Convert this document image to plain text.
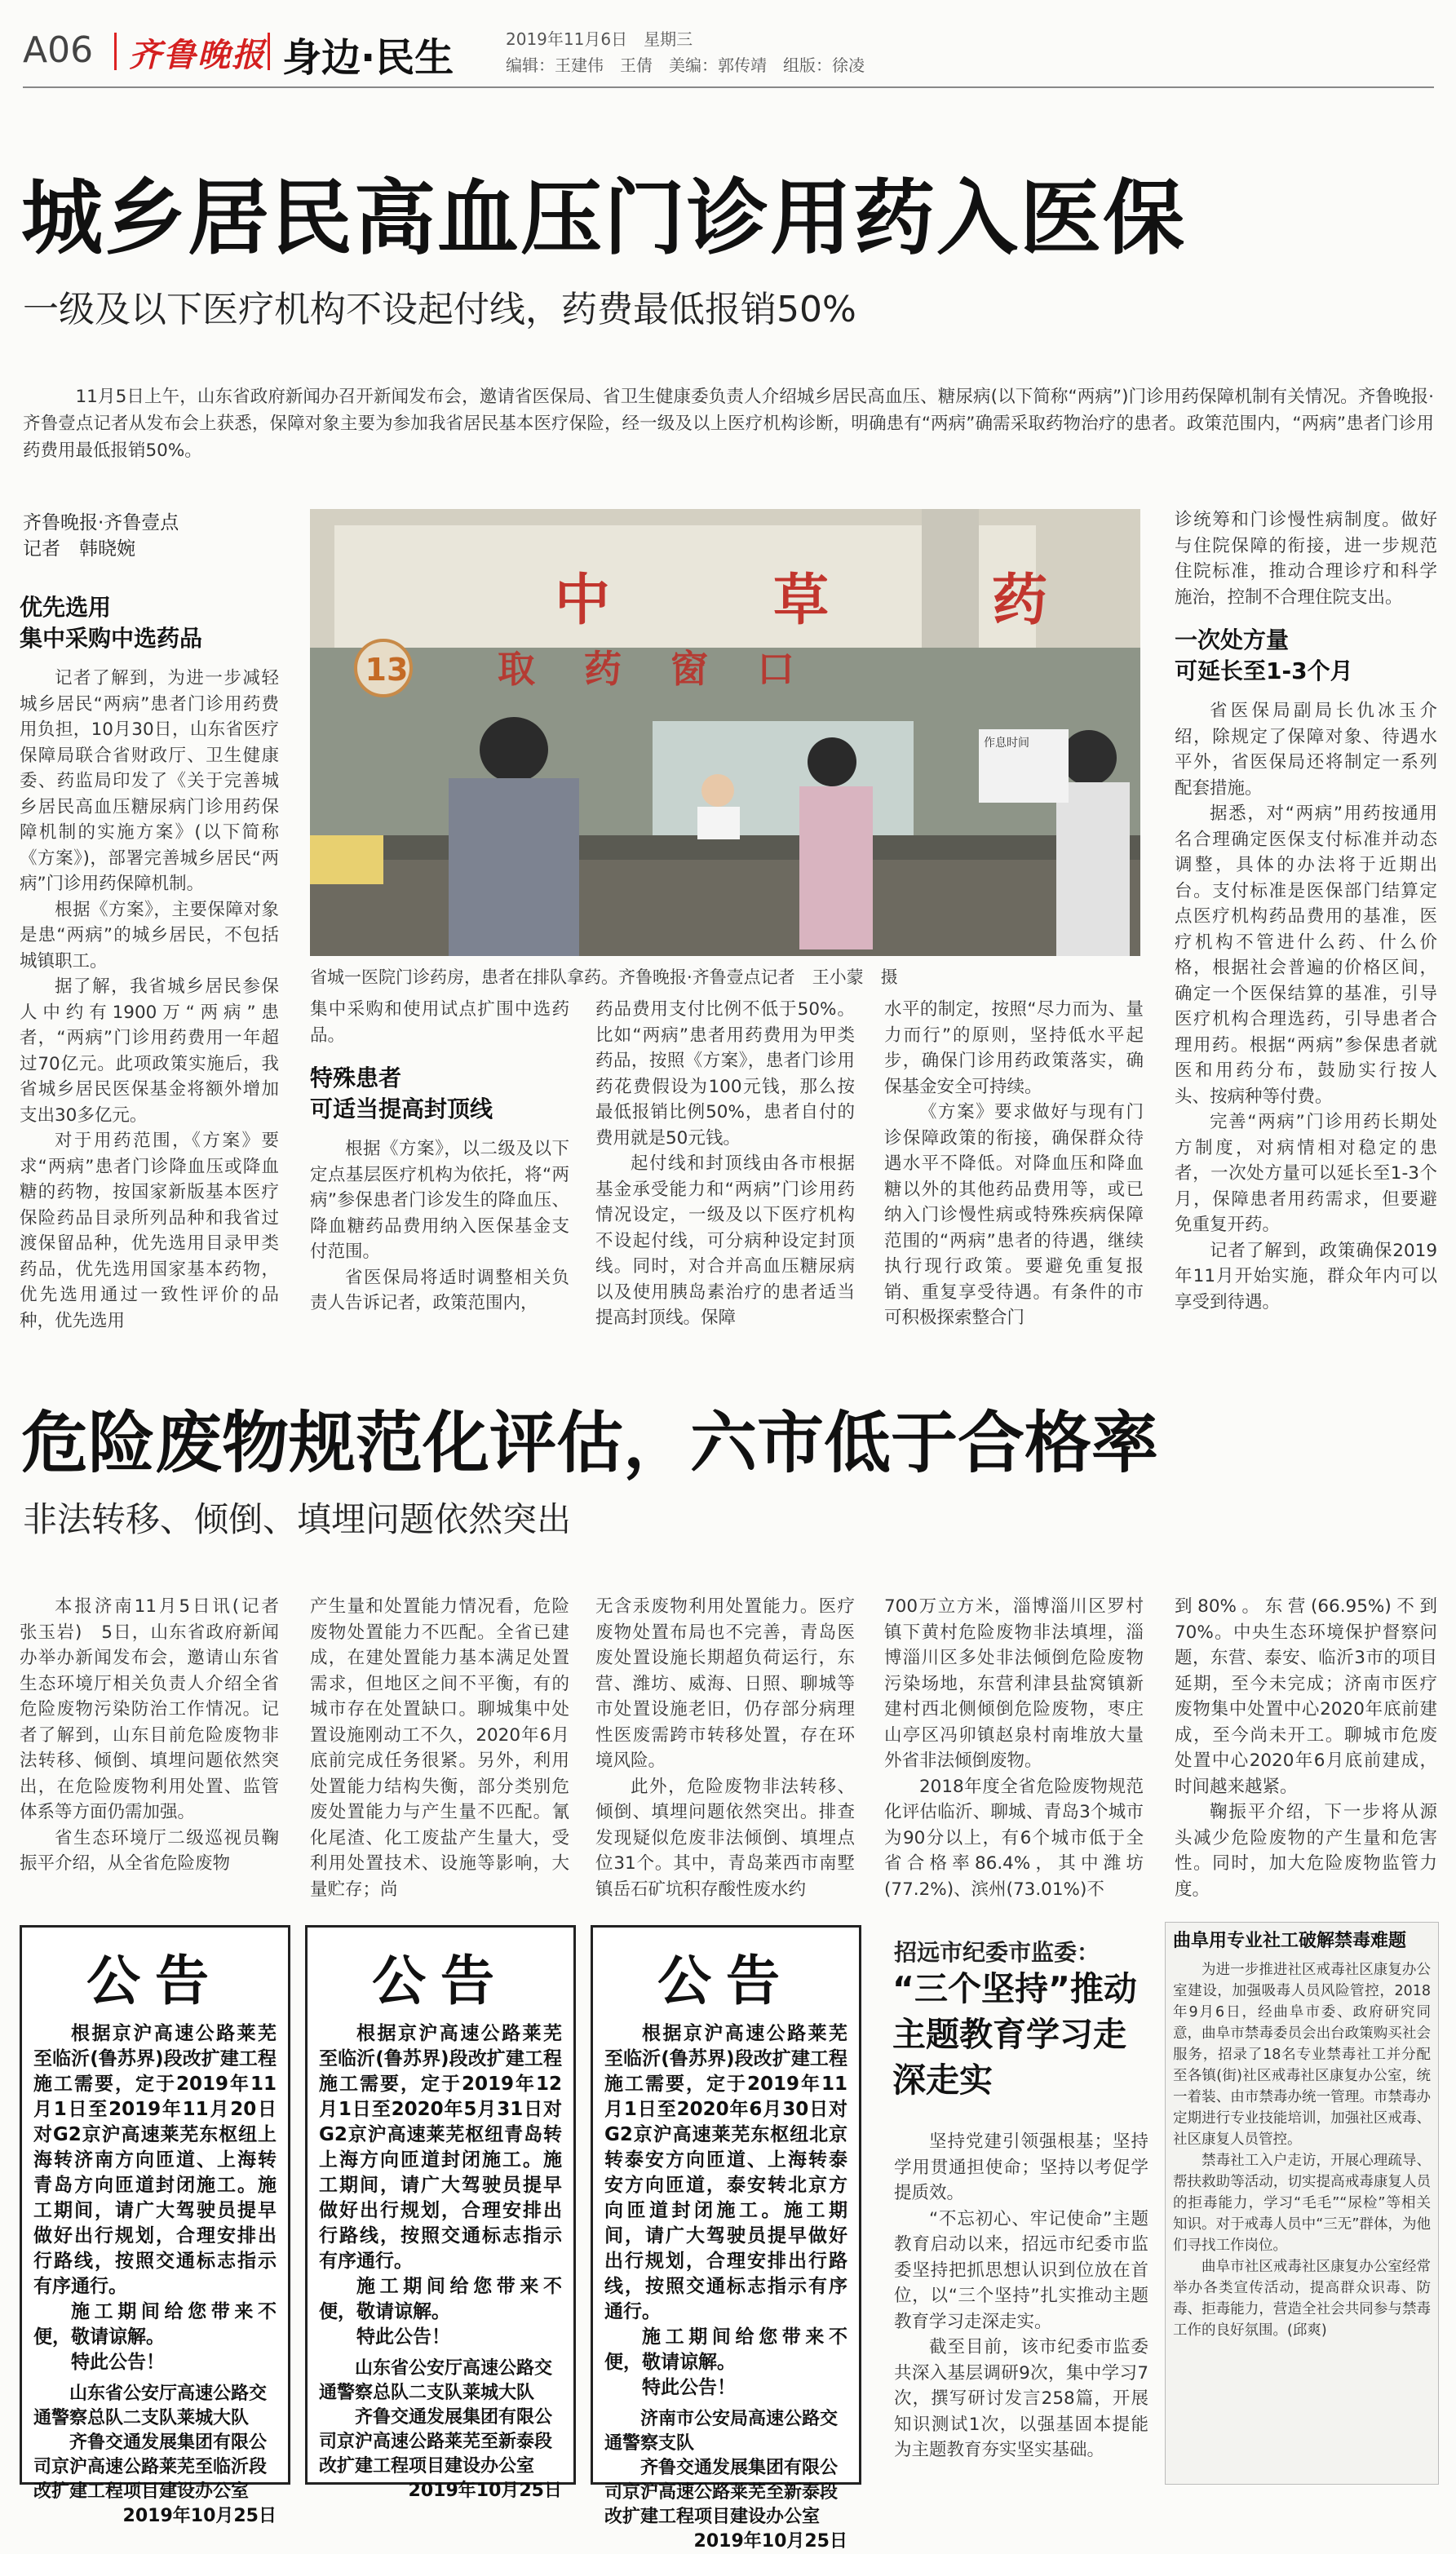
A06 齐鲁晚报 身边·民生	2019年11月6日　星期三
编辑：王建伟　王倩　美编：郭传靖　组版：徐凌
城乡居民高血压门诊用药入医保
一级及以下医疗机构不设起付线，药费最低报销50%
11月5日上午，山东省政府新闻办召开新闻发布会，邀请省医保局、省卫生健康委负责人介绍城乡居民高血压、糖尿病(以下简称“两病”)门诊用药保障机制有关情况。齐鲁晚报·齐鲁壹点记者从发布会上获悉，保障对象主要为参加我省居民基本医疗保险，经一级及以上医疗机构诊断，明确患有“两病”确需采取药物治疗的患者。政策范围内，“两病”患者门诊用药费用最低报销50%。
齐鲁晚报·齐鲁壹点
记者　韩晓婉
13
中草药
取药窗口
作息时间
省城一医院门诊药房，患者在排队拿药。齐鲁晚报·齐鲁壹点记者　王小蒙　摄
优先选用
集中采购中选药品

记者了解到，为进一步减轻城乡居民“两病”患者门诊用药费用负担，10月30日，山东省医疗保障局联合省财政厅、卫生健康委、药监局印发了《关于完善城乡居民高血压糖尿病门诊用药保障机制的实施方案》(以下简称《方案》)，部署完善城乡居民“两病”门诊用药保障机制。

根据《方案》，主要保障对象是患“两病”的城乡居民，不包括城镇职工。

据了解，我省城乡居民参保人中约有1900万“两病”患者，“两病”门诊用药费用一年超过70亿元。此项政策实施后，我省城乡居民医保基金将额外增加支出30多亿元。

对于用药范围，《方案》要求“两病”患者门诊降血压或降血糖的药物，按国家新版基本医疗保险药品目录所列品种和我省过渡保留品种，优先选用目录甲类药品，优先选用国家基本药物，优先选用通过一致性评价的品种，优先选用

集中采购和使用试点扩围中选药品。

特殊患者
可适当提高封顶线

根据《方案》，以二级及以下定点基层医疗机构为依托，将“两病”参保患者门诊发生的降血压、降血糖药品费用纳入医保基金支付范围。

省医保局将适时调整相关负责人告诉记者，政策范围内，

药品费用支付比例不低于50%。比如“两病”患者用药费用为甲类药品，按照《方案》，患者门诊用药花费假设为100元钱，那么按最低报销比例50%，患者自付的费用就是50元钱。

起付线和封顶线由各市根据基金承受能力和“两病”门诊用药情况设定，一级及以下医疗机构不设起付线，可分病种设定封顶线。同时，对合并高血压糖尿病以及使用胰岛素治疗的患者适当提高封顶线。保障

水平的制定，按照“尽力而为、量力而行”的原则，坚持低水平起步，确保门诊用药政策落实，确保基金安全可持续。

《方案》要求做好与现有门诊保障政策的衔接，确保群众待遇水平不降低。对降血压和降血糖以外的其他药品费用等，或已纳入门诊慢性病或特殊疾病保障范围的“两病”患者的待遇，继续执行现行政策。要避免重复报销、重复享受待遇。有条件的市可积极探索整合门

诊统筹和门诊慢性病制度。做好与住院保障的衔接，进一步规范住院标准，推动合理诊疗和科学施治，控制不合理住院支出。

一次处方量
可延长至1-3个月

省医保局副局长仇冰玉介绍，除规定了保障对象、待遇水平外，省医保局还将制定一系列配套措施。

据悉，对“两病”用药按通用名合理确定医保支付标准并动态调整，具体的办法将于近期出台。支付标准是医保部门结算定点医疗机构药品费用的基准，医疗机构不管进什么药、什么价格，根据社会普遍的价格区间，确定一个医保结算的基准，引导医疗机构合理选药，引导患者合理用药。根据“两病”参保患者就医和用药分布，鼓励实行按人头、按病种等付费。

完善“两病”门诊用药长期处方制度，对病情相对稳定的患者，一次处方量可以延长至1-3个月，保障患者用药需求，但要避免重复开药。

记者了解到，政策确保2019年11月开始实施，群众年内可以享受到待遇。

危险废物规范化评估，六市低于合格率
非法转移、倾倒、填埋问题依然突出

本报济南11月5日讯(记者　张玉岩)　5日，山东省政府新闻办举办新闻发布会，邀请山东省生态环境厅相关负责人介绍全省危险废物污染防治工作情况。记者了解到，山东目前危险废物非法转移、倾倒、填埋问题依然突出，在危险废物利用处置、监管体系等方面仍需加强。

省生态环境厅二级巡视员鞠振平介绍，从全省危险废物

产生量和处置能力情况看，危险废物处置能力不匹配。全省已建成，在建处置能力基本满足处置需求，但地区之间不平衡，有的城市存在处置缺口。聊城集中处置设施刚动工不久，2020年6月底前完成任务很紧。另外，利用处置能力结构失衡，部分类别危废处置能力与产生量不匹配。氰化尾渣、化工废盐产生量大，受利用处置技术、设施等影响，大量贮存；尚

无含汞废物利用处置能力。医疗废物处置布局也不完善，青岛医废处置设施长期超负荷运行，东营、潍坊、威海、日照、聊城等市处置设施老旧，仍存部分病理性医废需跨市转移处置，存在环境风险。

此外，危险废物非法转移、倾倒、填埋问题依然突出。排查发现疑似危废非法倾倒、填埋点位31个。其中，青岛莱西市南墅镇岳石矿坑积存酸性废水约

700万立方米，淄博淄川区罗村镇下黄村危险废物非法填埋，淄博淄川区多处非法倾倒危险废物污染场地，东营利津县盐窝镇新建村西北侧倾倒危险废物，枣庄山亭区冯卯镇赵泉村南堆放大量外省非法倾倒废物。

2018年度全省危险废物规范化评估临沂、聊城、青岛3个城市为90分以上，有6个城市低于全省合格率86.4%，其中潍坊(77.2%)、滨州(73.01%)不

到80%。东营(66.95%)不到70%。中央生态环境保护督察问题，东营、泰安、临沂3市的项目延期，至今未完成；济南市医疗废物集中处置中心2020年底前建成，至今尚未开工。聊城市危废处置中心2020年6月底前建成，时间越来越紧。

鞠振平介绍，下一步将从源头减少危险废物的产生量和危害性。同时，加大危险废物监管力度。

公告

根据京沪高速公路莱芜至临沂(鲁苏界)段改扩建工程施工需要，定于2019年11月1日至2019年11月20日对G2京沪高速莱芜东枢纽上海转济南方向匝道、上海转青岛方向匝道封闭施工。施工期间，请广大驾驶员提早做好出行规划，合理安排出行路线，按照交通标志指示有序通行。

施工期间给您带来不便，敬请谅解。

特此公告！

山东省公安厅高速公路交通警察总队二支队莱城大队

齐鲁交通发展集团有限公司京沪高速公路莱芜至临沂段改扩建工程项目建设办公室

2019年10月25日

公告

根据京沪高速公路莱芜至临沂(鲁苏界)段改扩建工程施工需要，定于2019年12月1日至2020年5月31日对G2京沪高速莱芜枢纽青岛转上海方向匝道封闭施工。施工期间，请广大驾驶员提早做好出行规划，合理安排出行路线，按照交通标志指示有序通行。

施工期间给您带来不便，敬请谅解。

特此公告！

山东省公安厅高速公路交通警察总队二支队莱城大队

齐鲁交通发展集团有限公司京沪高速公路莱芜至新泰段改扩建工程项目建设办公室

2019年10月25日

公告

根据京沪高速公路莱芜至临沂(鲁苏界)段改扩建工程施工需要，定于2019年11月1日至2020年6月30日对G2京沪高速莱芜东枢纽北京转泰安方向匝道、上海转泰安方向匝道，泰安转北京方向匝道封闭施工。施工期间，请广大驾驶员提早做好出行规划，合理安排出行路线，按照交通标志指示有序通行。

施工期间给您带来不便，敬请谅解。

特此公告！

济南市公安局高速公路交通警察支队

齐鲁交通发展集团有限公司京沪高速公路莱芜至新泰段改扩建工程项目建设办公室

2019年10月25日

招远市纪委市监委：
“三个坚持”推动主题教育学习走深走实

坚持党建引领强根基；坚持学用贯通担使命；坚持以考促学提质效。

“不忘初心、牢记使命”主题教育启动以来，招远市纪委市监委坚持把抓思想认识到位放在首位，以“三个坚持”扎实推动主题教育学习走深走实。

截至目前，该市纪委市监委共深入基层调研9次，集中学习7次，撰写研讨发言258篇，开展知识测试1次，以强基固本提能为主题教育夯实坚实基础。

曲阜用专业社工破解禁毒难题

为进一步推进社区戒毒社区康复办公室建设，加强吸毒人员风险管控，2018年9月6日，经曲阜市委、政府研究同意，曲阜市禁毒委员会出台政策购买社会服务，招录了18名专业禁毒社工并分配至各镇(街)社区戒毒社区康复办公室，统一着装、由市禁毒办统一管理。市禁毒办定期进行专业技能培训，加强社区戒毒、社区康复人员管控。

禁毒社工入户走访，开展心理疏导、帮扶救助等活动，切实提高戒毒康复人员的拒毒能力，学习“毛毛”“尿检”等相关知识。对于戒毒人员中“三无”群体，为他们寻找工作岗位。

曲阜市社区戒毒社区康复办公室经常举办各类宣传活动，提高群众识毒、防毒、拒毒能力，营造全社会共同参与禁毒工作的良好氛围。(邱爽)
